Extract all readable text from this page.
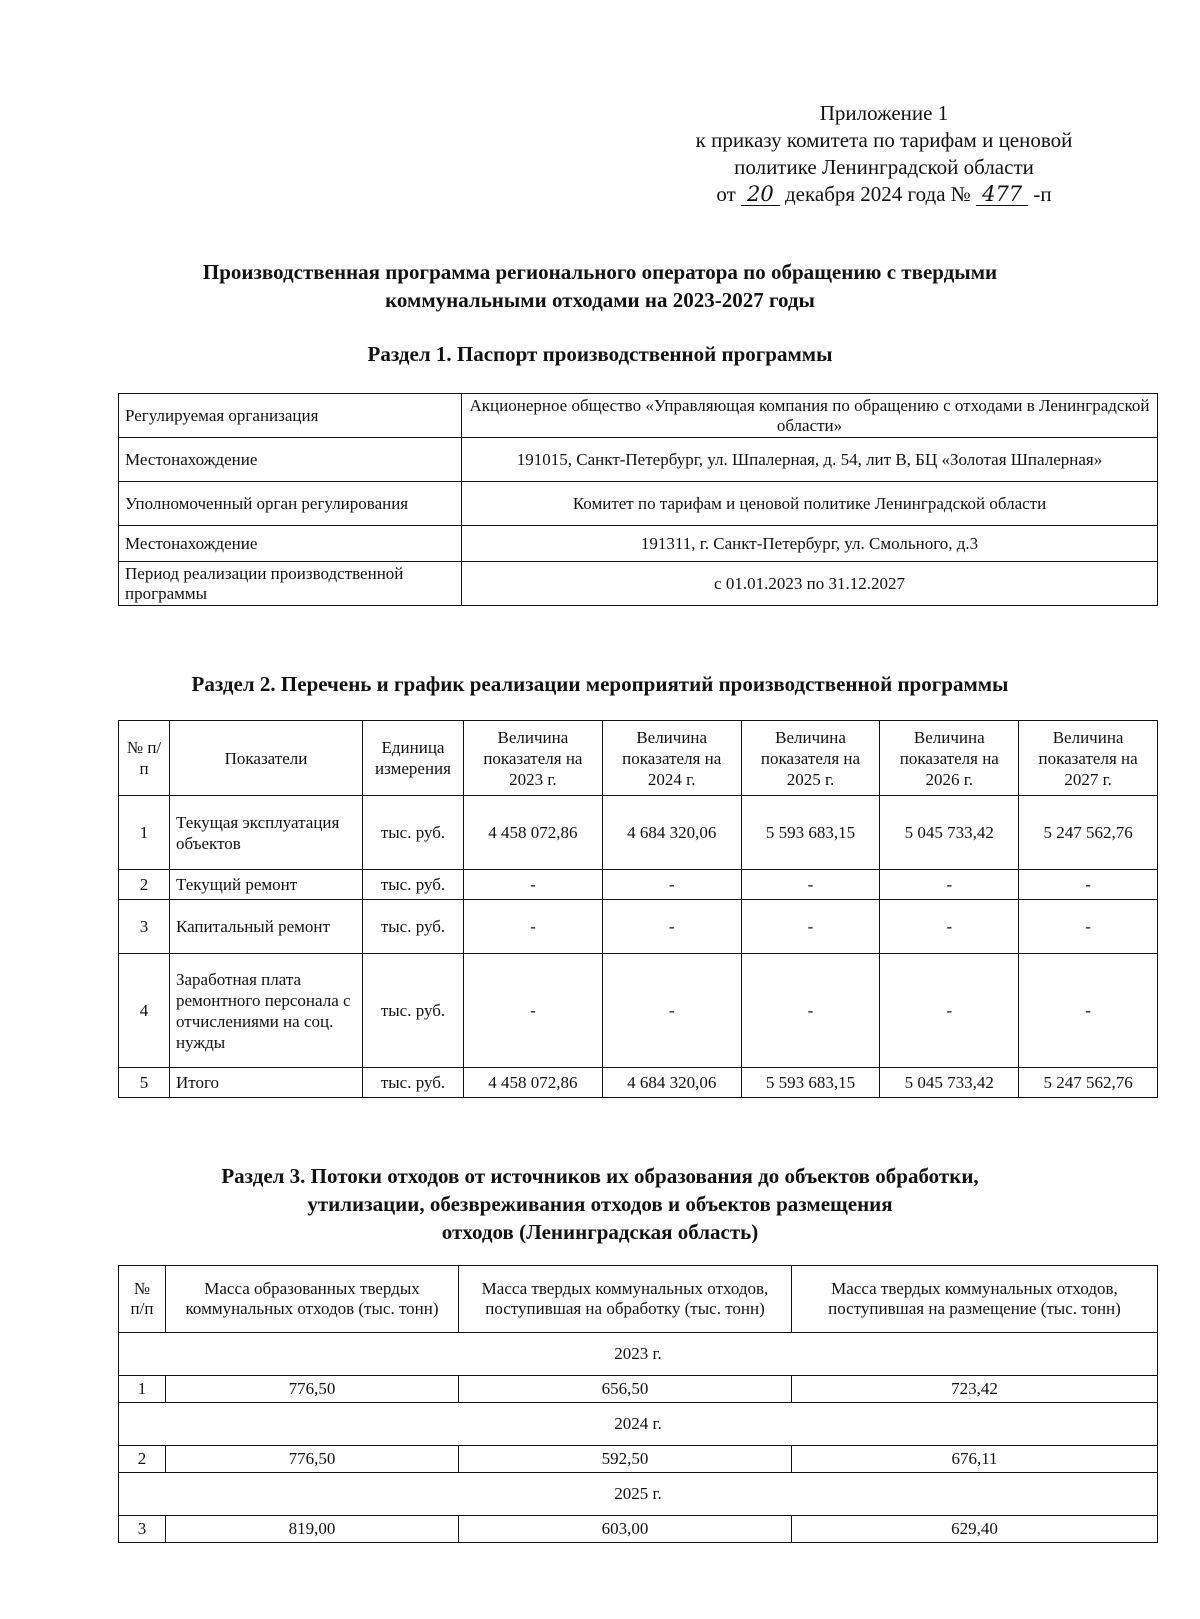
Приложение 1
к приказу комитета по тарифам и ценовой
политике Ленинградской области
от 20 декабря 2024 года № 477 -п
Производственная программа регионального оператора по обращению с твердыми
коммунальными отходами на 2023-2027 годы
Раздел 1. Паспорт производственной программы
Регулируемая организация	Акционерное общество «Управляющая компания по обращению с отходами в Ленинградской области»
Местонахождение	191015, Санкт-Петербург, ул. Шпалерная, д. 54, лит В, БЦ «Золотая Шпалерная»
Уполномоченный орган регулирования	Комитет по тарифам и ценовой политике Ленинградской области
Местонахождение	191311, г. Санкт-Петербург, ул. Смольного, д.3
Период реализации производственной программы	с 01.01.2023 по 31.12.2027
Раздел 2. Перечень и график реализации мероприятий производственной программы
№ п/п	Показатели	Единица измерения	Величина показателя на 2023 г.	Величина показателя на 2024 г.	Величина показателя на 2025 г.	Величина показателя на 2026 г.	Величина показателя на 2027 г.
1	Текущая эксплуатация объектов	тыс. руб.	4 458 072,86	4 684 320,06	5 593 683,15	5 045 733,42	5 247 562,76
2	Текущий ремонт	тыс. руб.	-	-	-	-	-
3	Капитальный ремонт	тыс. руб.	-	-	-	-	-
4	Заработная плата ремонтного персонала с отчислениями на соц. нужды	тыс. руб.	-	-	-	-	-
5	Итого	тыс. руб.	4 458 072,86	4 684 320,06	5 593 683,15	5 045 733,42	5 247 562,76
Раздел 3. Потоки отходов от источников их образования до объектов обработки,
утилизации, обезвреживания отходов и объектов размещения
отходов (Ленинградская область)
№ п/п	Масса образованных твердых коммунальных отходов (тыс. тонн)	Масса твердых коммунальных отходов, поступившая на обработку (тыс. тонн)	Масса твердых коммунальных отходов, поступившая на размещение (тыс. тонн)
2023 г.			
1	776,50	656,50	723,42
2024 г.			
2	776,50	592,50	676,11
2025 г.			
3	819,00	603,00	629,40
